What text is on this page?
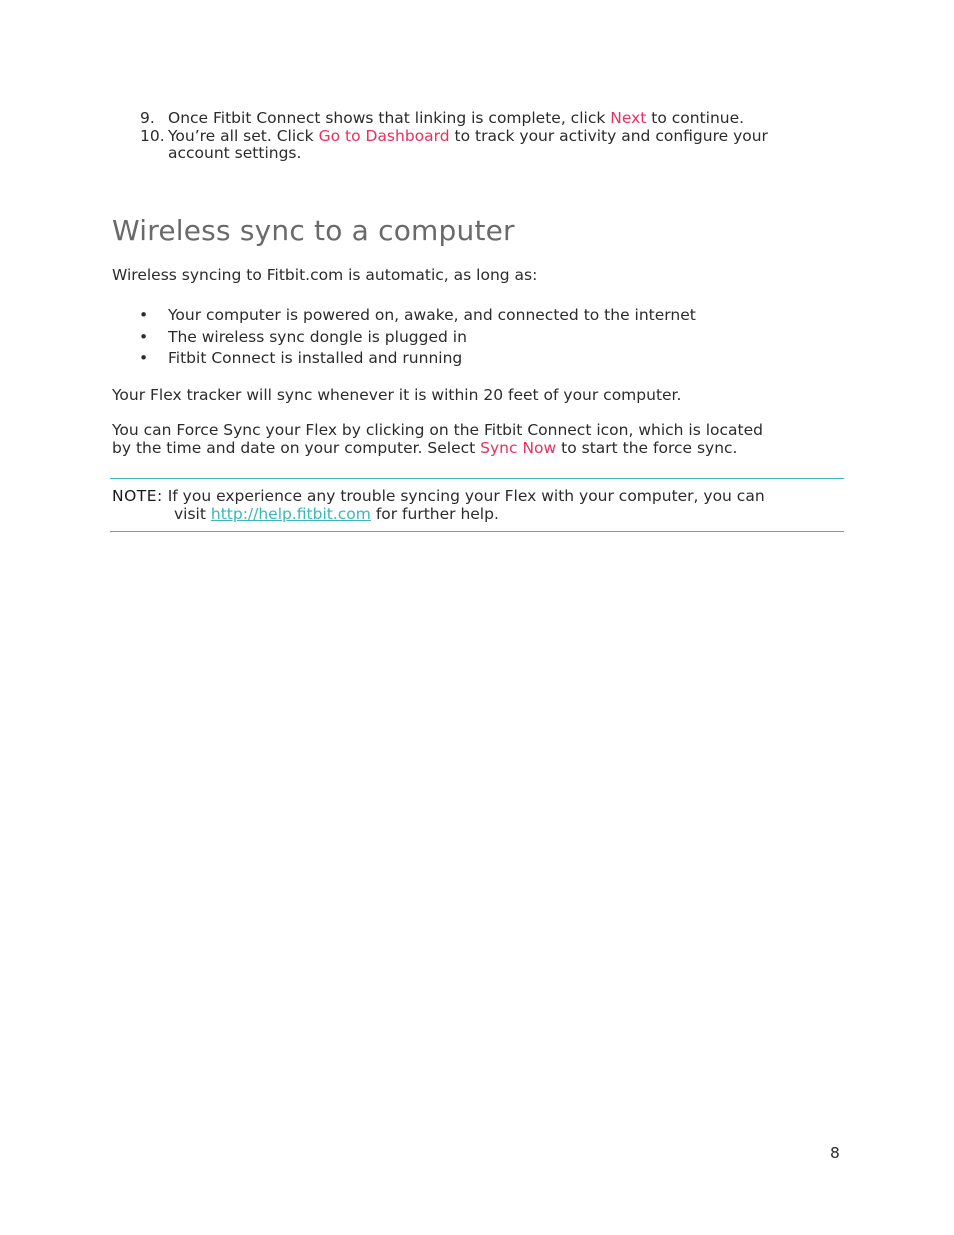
9. Once Fitbit Connect shows that linking is complete, click Next to continue.
10. You’re all set. Click Go to Dashboard to track your activity and configure your
account settings.
Wireless sync to a computer

Wireless syncing to Fitbit.com is automatic, as long as:

• Your computer is powered on, awake, and connected to the internet
• The wireless sync dongle is plugged in
• Fitbit Connect is installed and running

Your Flex tracker will sync whenever it is within 20 feet of your computer.

You can Force Sync your Flex by clicking on the Fitbit Connect icon, which is located
by the time and date on your computer. Select Sync Now to start the force sync.

NOTE: If you experience any trouble syncing your Flex with your computer, you can
visit http://help.fitbit.com for further help.
8
